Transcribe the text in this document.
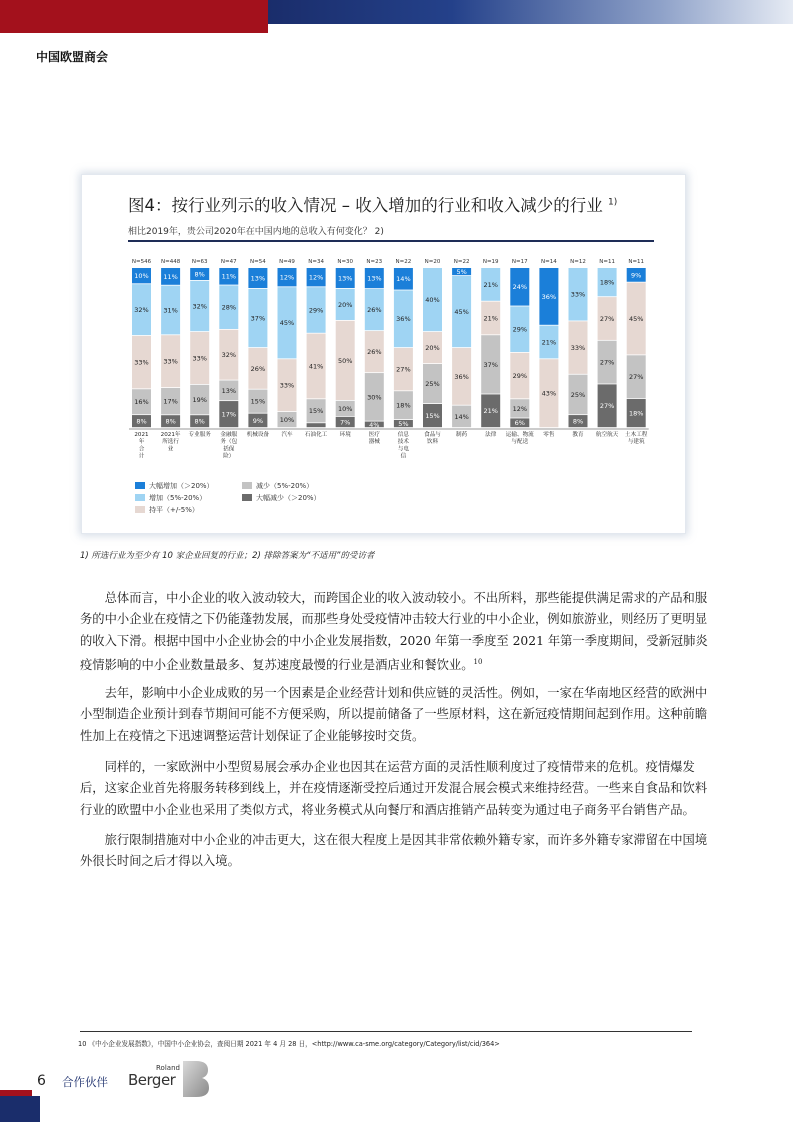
中国欧盟商会
图4：按行业列示的收入情况 – 收入增加的行业和收入减少的行业 $^{1)}$
相比2019年，贵公司2020年在中国内地的总收入有何变化？ 2)
N=546
10%
32%
33%
16%
8%
2021
年
合
计
N=448
11%
31%
33%
17%
8%
2021年
所选行
业
N=63
8%
32%
33%
19%
8%
专业服务
N=47
11%
28%
32%
13%
17%
金融服
务（包
括保
险）
N=54
13%
37%
26%
15%
9%
机械设备
N=49
12%
45%
33%
10%
汽车
N=34
12%
29%
41%
15%
石油化工
N=30
13%
20%
50%
10%
7%
环境
N=23
13%
26%
26%
30%
4%
医疗
器械
N=22
14%
36%
27%
18%
5%
信息
技术
与电
信
N=20
40%
20%
25%
15%
食品与
饮料
N=22
5%
45%
36%
14%
制药
N=19
21%
21%
37%
21%
法律
N=17
24%
29%
29%
12%
6%
运输、物流
与配送
N=14
36%
21%
43%
零售
N=12
33%
33%
25%
8%
教育
N=11
18%
27%
27%
27%
航空航天
N=11
9%
45%
27%
18%
土木工程
与建筑
大幅增加（＞20%）	减少（5%-20%）
增加（5%-20%）	大幅减少（＞20%）
持平（+/-5%）
1) 所选行业为至少有 10 家企业回复的行业；2) 排除答案为“不适用”的受访者
总体而言，中小企业的收入波动较大，而跨国企业的收入波动较小。不出所料，那些能提供满足需求的产品和服务的中小企业在疫情之下仍能蓬勃发展，而那些身处受疫情冲击较大行业的中小企业，例如旅游业，则经历了更明显的收入下滑。根据中国中小企业协会的中小企业发展指数，2020 年第一季度至 2021 年第一季度期间，受新冠肺炎疫情影响的中小企业数量最多、复苏速度最慢的行业是酒店业和餐饮业。$^{10}$
去年，影响中小企业成败的另一个因素是企业经营计划和供应链的灵活性。例如，一家在华南地区经营的欧洲中小型制造企业预计到春节期间可能不方便采购，所以提前储备了一些原材料，这在新冠疫情期间起到作用。这种前瞻性加上在疫情之下迅速调整运营计划保证了企业能够按时交货。
同样的，一家欧洲中小型贸易展会承办企业也因其在运营方面的灵活性顺利度过了疫情带来的危机。疫情爆发后，这家企业首先将服务转移到线上，并在疫情逐渐受控后通过开发混合展会模式来维持经营。一些来自食品和饮料行业的欧盟中小企业也采用了类似方式，将业务模式从向餐厅和酒店推销产品转变为通过电子商务平台销售产品。
旅行限制措施对中小企业的冲击更大，这在很大程度上是因其非常依赖外籍专家，而许多外籍专家滞留在中国境外很长时间之后才得以入境。
10 《中小企业发展指数》，中国中小企业协会，查阅日期 2021 年 4 月 28 日，<http://www.ca-sme.org/category/Category/list/cid/364>
6 合作伙伴
Roland
Berger
